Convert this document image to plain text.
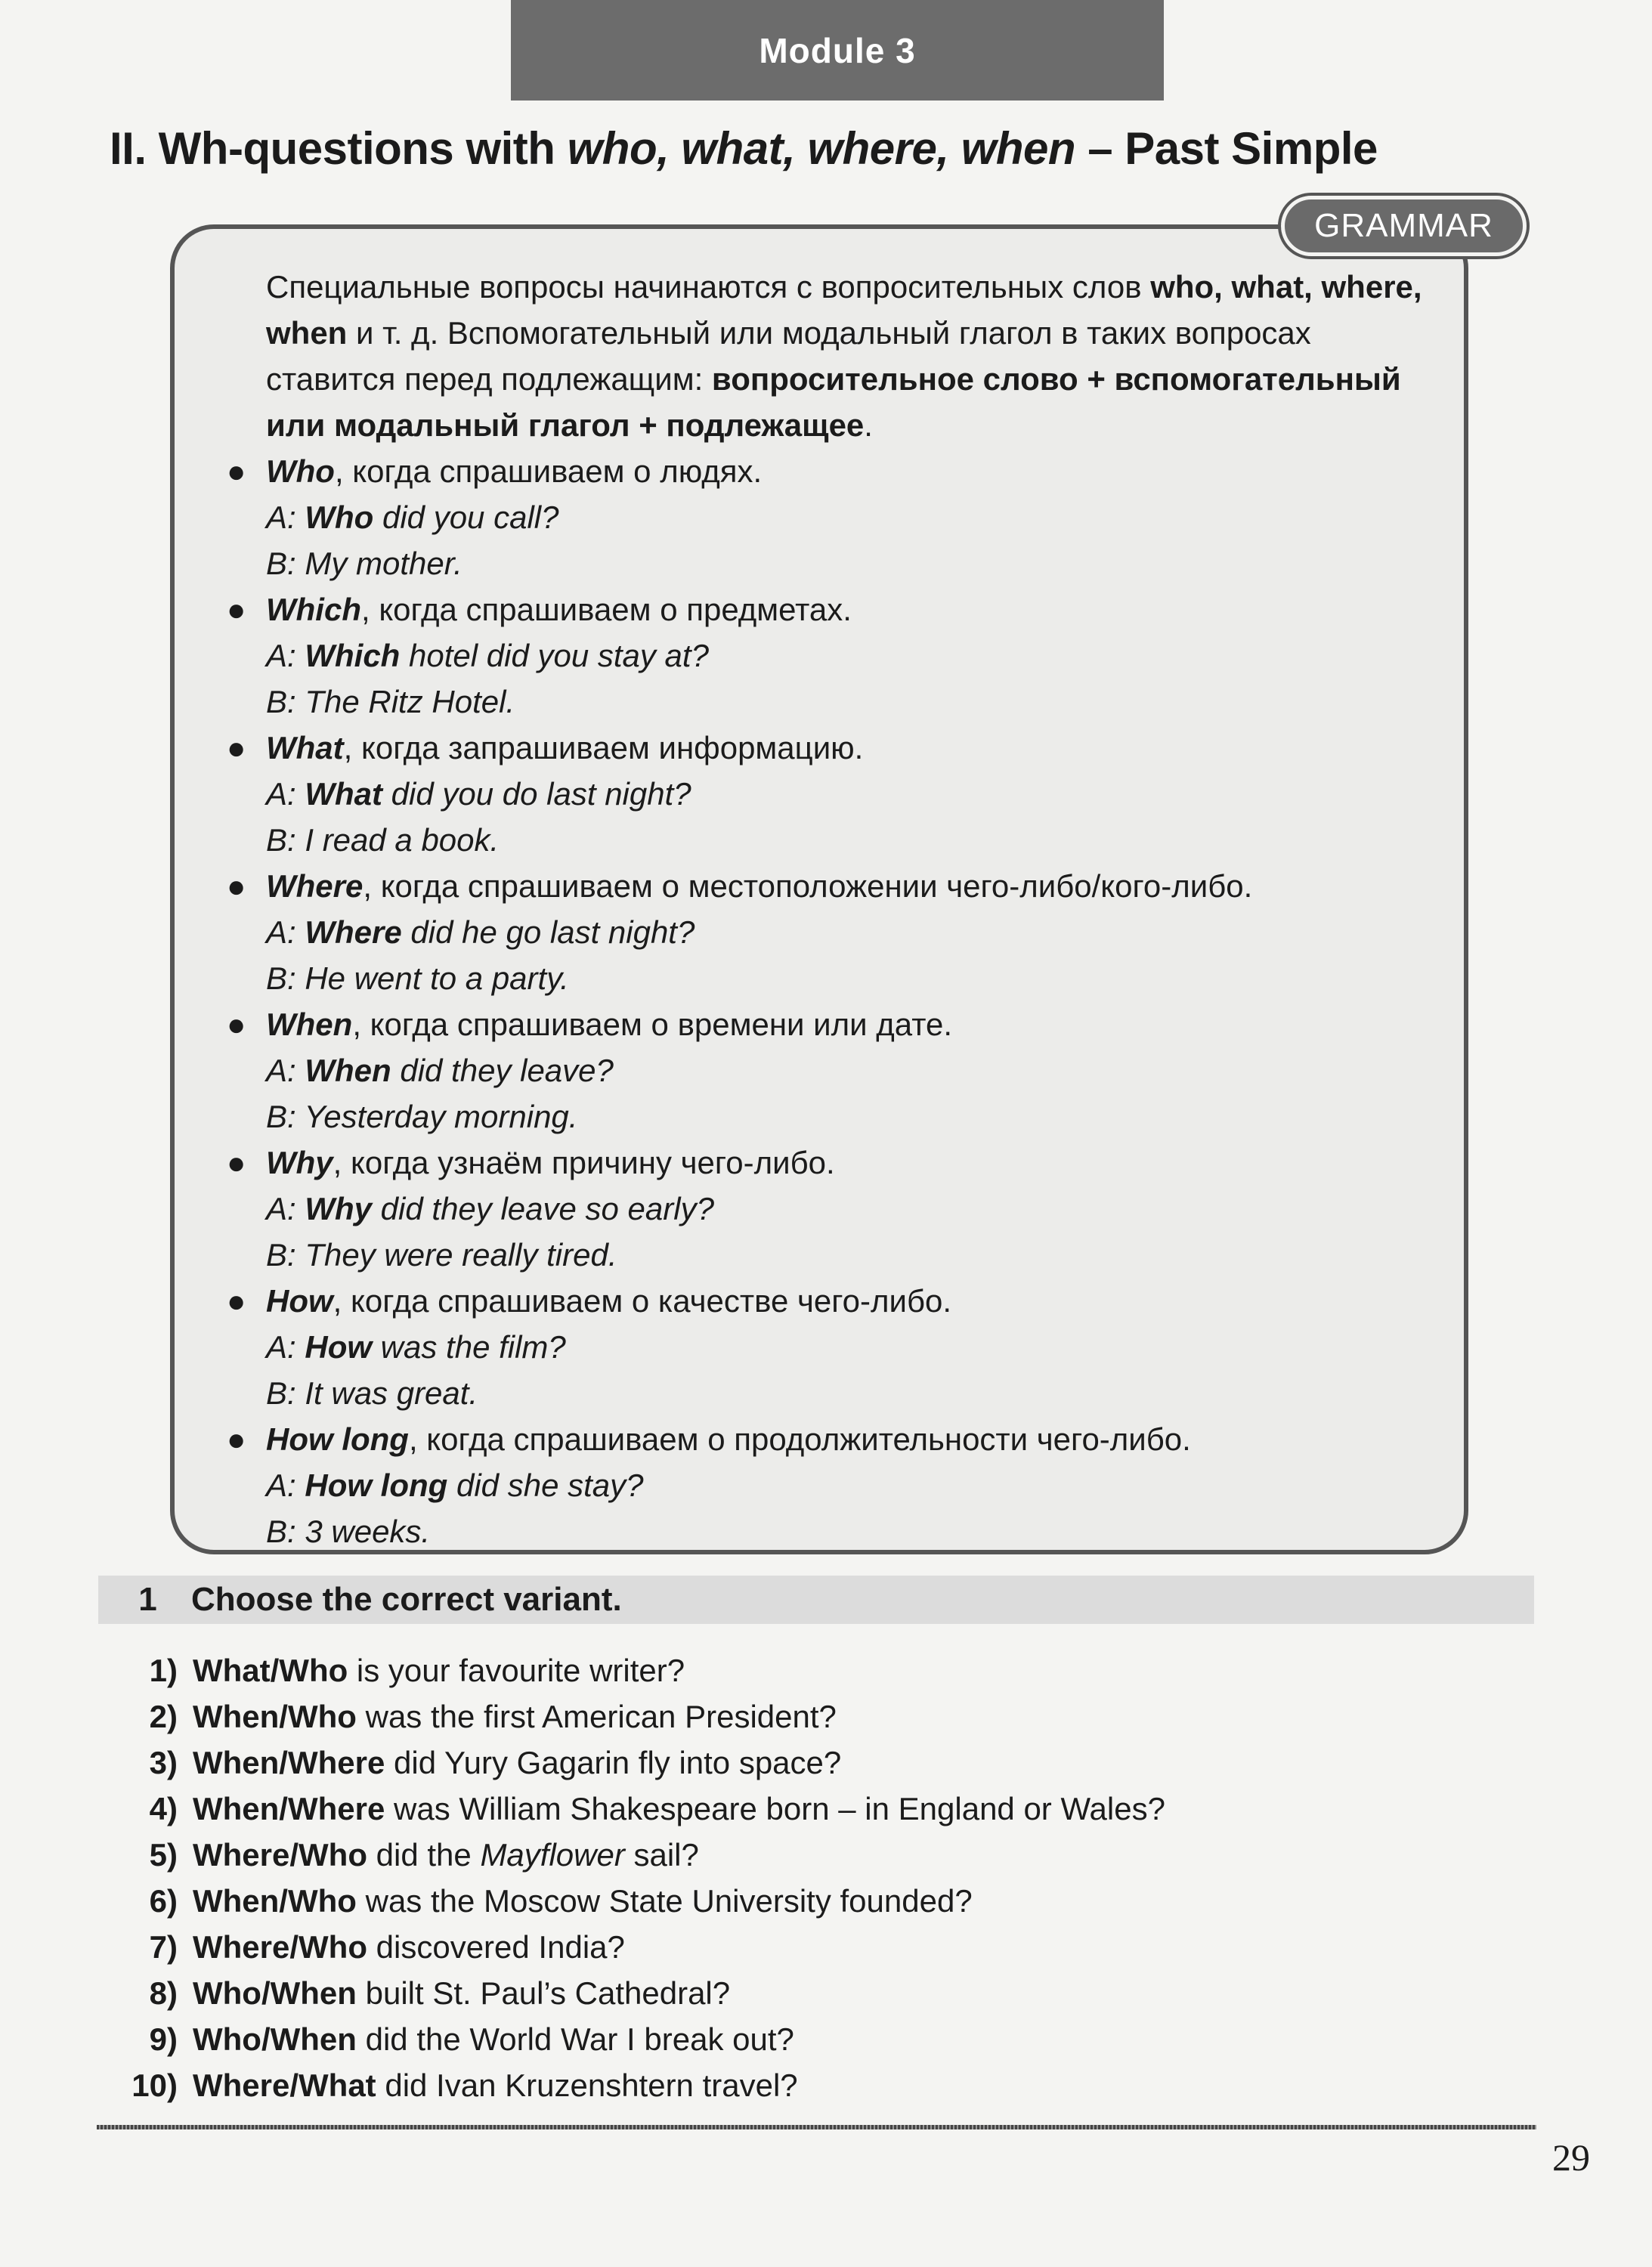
Module 3
II. Wh-questions with who, what, where, when – Past Simple
GRAMMAR
Специальные вопросы начинаются с вопросительных слов who, what, where, when и т. д. Вспомогательный или модальный глагол в таких вопросах ставится перед подлежащим: вопросительное слово + вспомогательный или модальный глагол + подлежащее.
● Who, когда спрашиваем о людях.
A: Who did you call?
B: My mother.
● Which, когда спрашиваем о предметах.
A: Which hotel did you stay at?
B: The Ritz Hotel.
● What, когда запрашиваем информацию.
A: What did you do last night?
B: I read a book.
● Where, когда спрашиваем о местоположении чего-либо/кого-либо.
A: Where did he go last night?
B: He went to a party.
● When, когда спрашиваем о времени или дате.
A: When did they leave?
B: Yesterday morning.
● Why, когда узнаём причину чего-либо.
A: Why did they leave so early?
B: They were really tired.
● How, когда спрашиваем о качестве чего-либо.
A: How was the film?
B: It was great.
● How long, когда спрашиваем о продолжительности чего-либо.
A: How long did she stay?
B: 3 weeks.
1	Choose the correct variant.
1) What/Who is your favourite writer?
2) When/Who was the first American President?
3) When/Where did Yury Gagarin fly into space?
4) When/Where was William Shakespeare born – in England or Wales?
5) Where/Who did the Mayflower sail?
6) When/Who was the Moscow State University founded?
7) Where/Who discovered India?
8) Who/When built St. Paul’s Cathedral?
9) Who/When did the World War I break out?
10) Where/What did Ivan Kruzenshtern travel?
29
